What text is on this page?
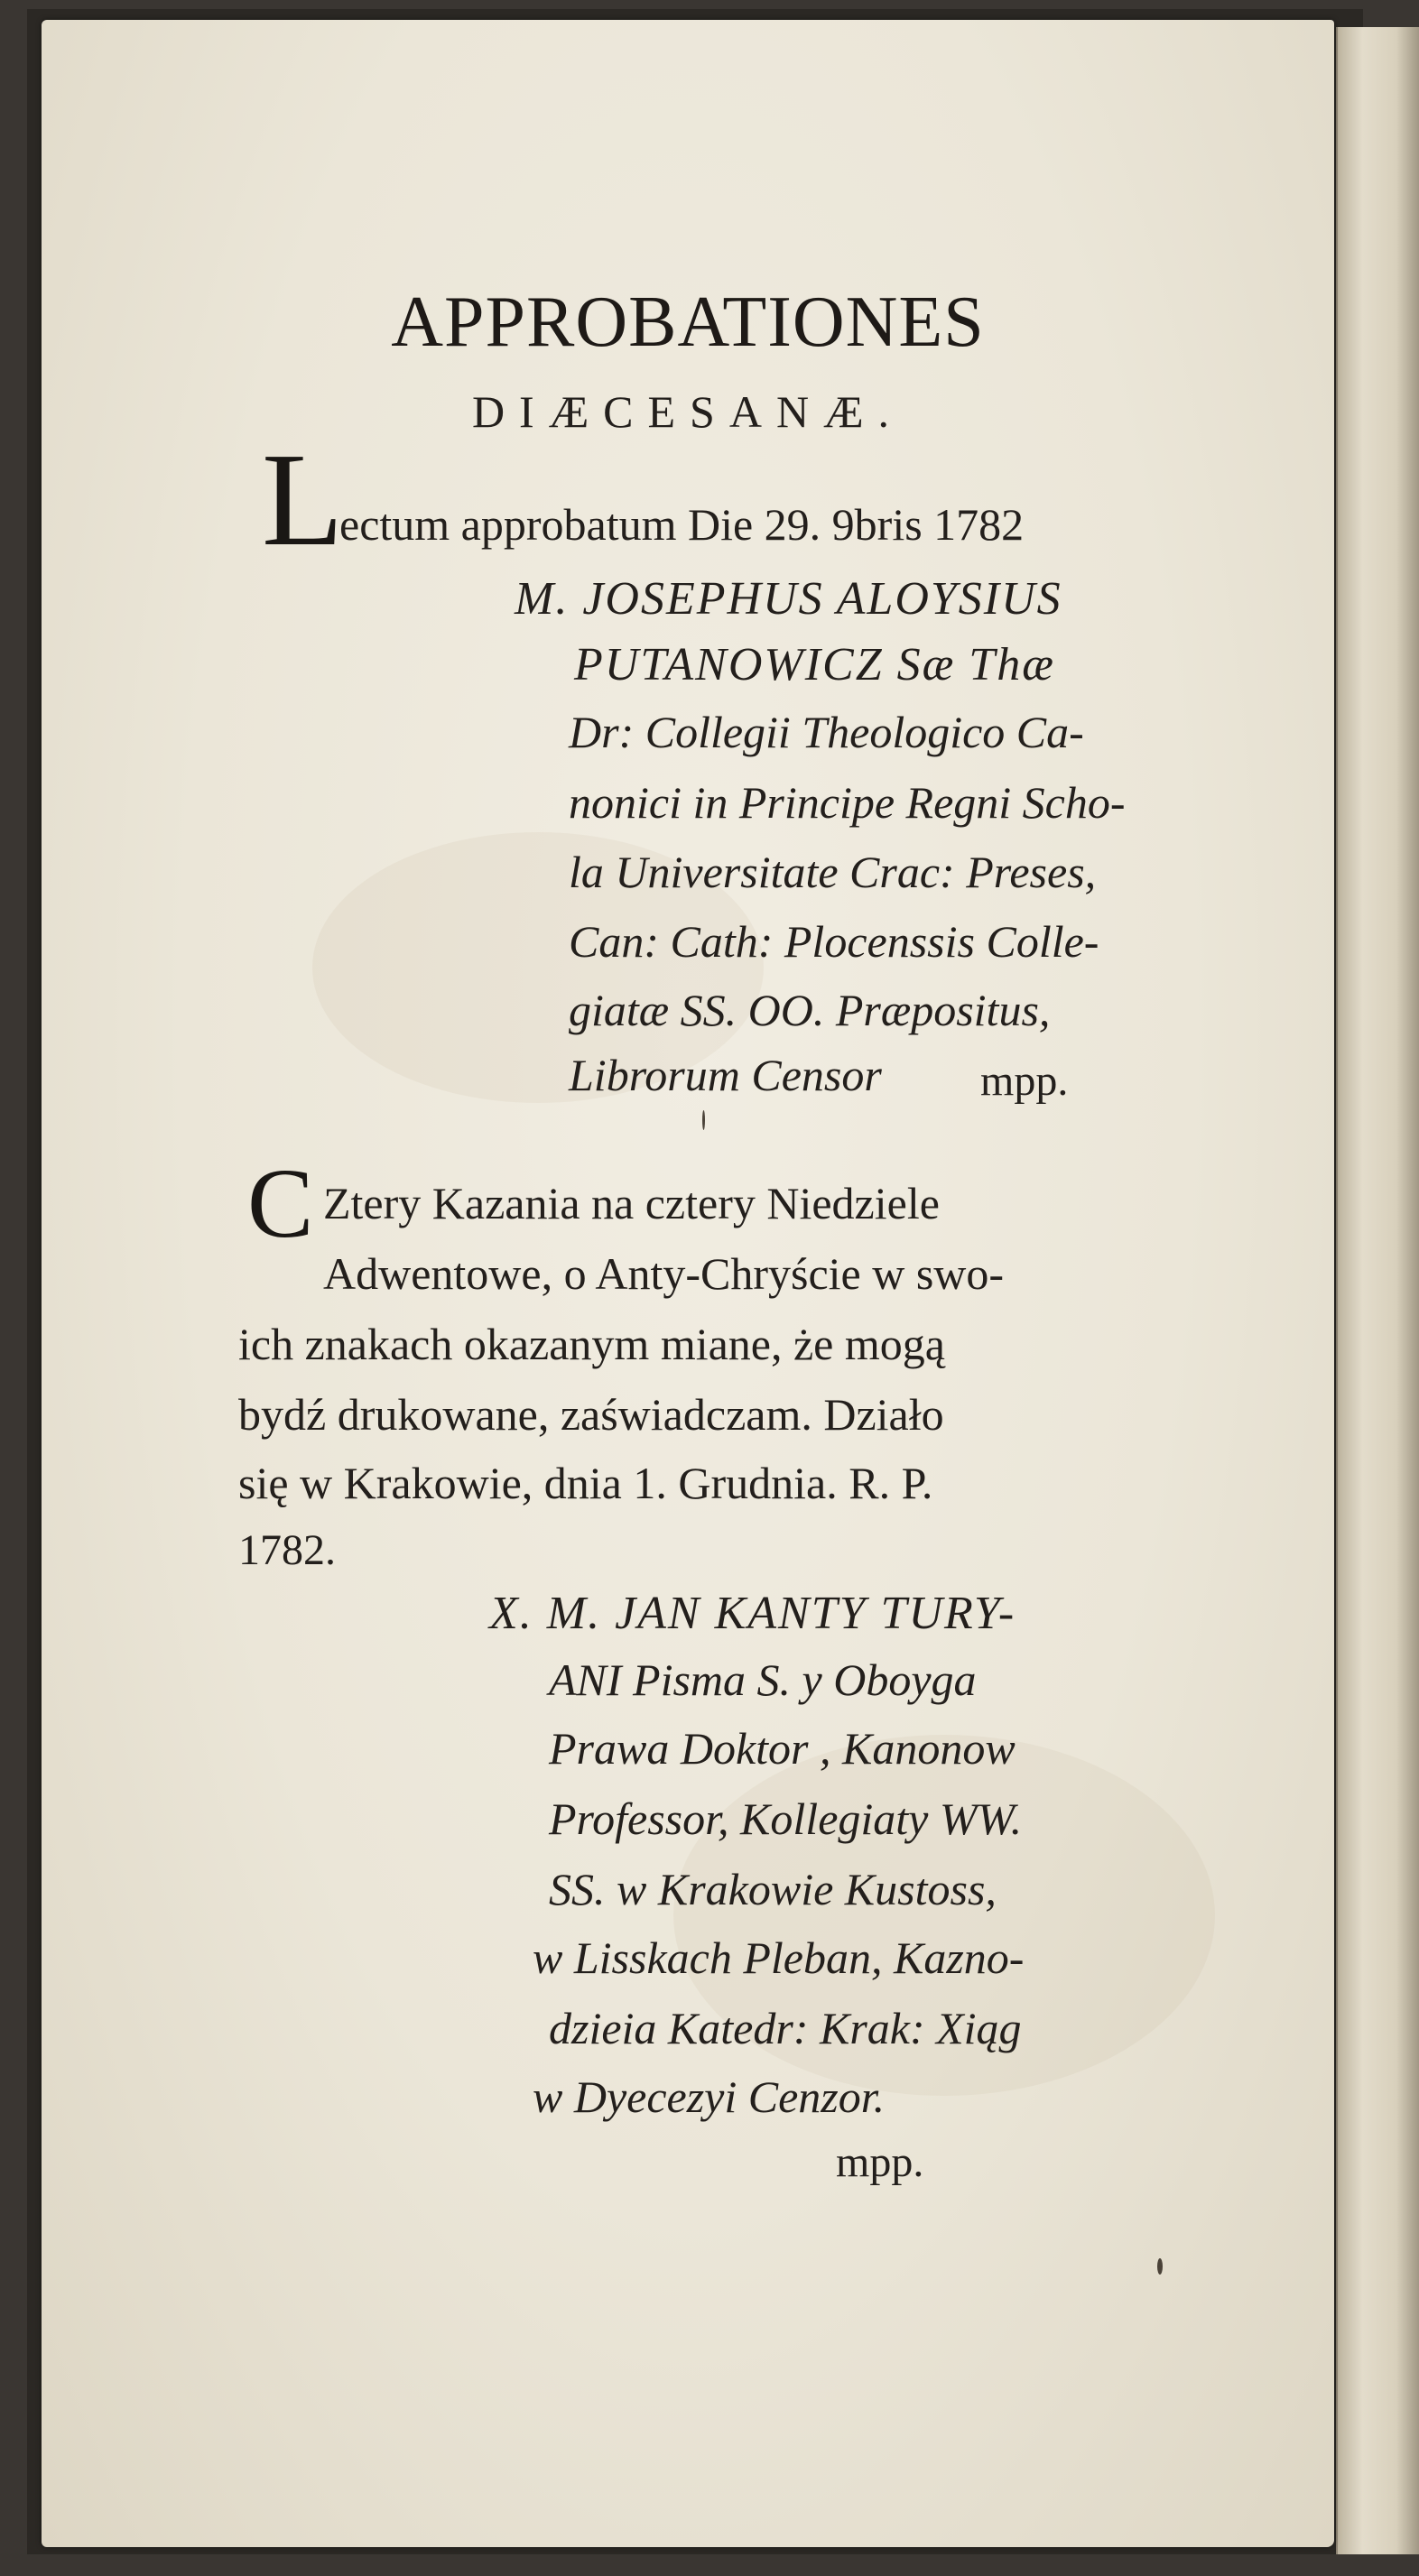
APPROBATIONES
DIÆCESANÆ.
L
ectum approbatum Die 29. 9bris 1782
M. JOSEPHUS ALOYSIUS
PUTANOWICZ Sæ Thæ
Dr: Collegii Theologico Ca-
nonici in Principe Regni Scho-
la Universitate Crac: Preses,
Can: Cath: Plocenssis Colle-
giatæ SS. OO. Præpositus,
Librorum Censor mpp.
C Ztery Kazania na cztery Niedziele
Adwentowe, o Anty-Chryście w swo-
ich znakach okazanym miane, że mogą
bydź drukowane, zaświadczam. Działo
się w Krakowie, dnia 1. Grudnia. R. P.
1782.
X. M. JAN KANTY TURY-
ANI Pisma S. y Oboyga
Prawa Doktor , Kanonow
Professor, Kollegiaty WW.
SS. w Krakowie Kustoss,
w Lisskach Pleban, Kazno-
dzieia Katedr: Krak: Xiąg
w Dyecezyi Cenzor.
mpp.
